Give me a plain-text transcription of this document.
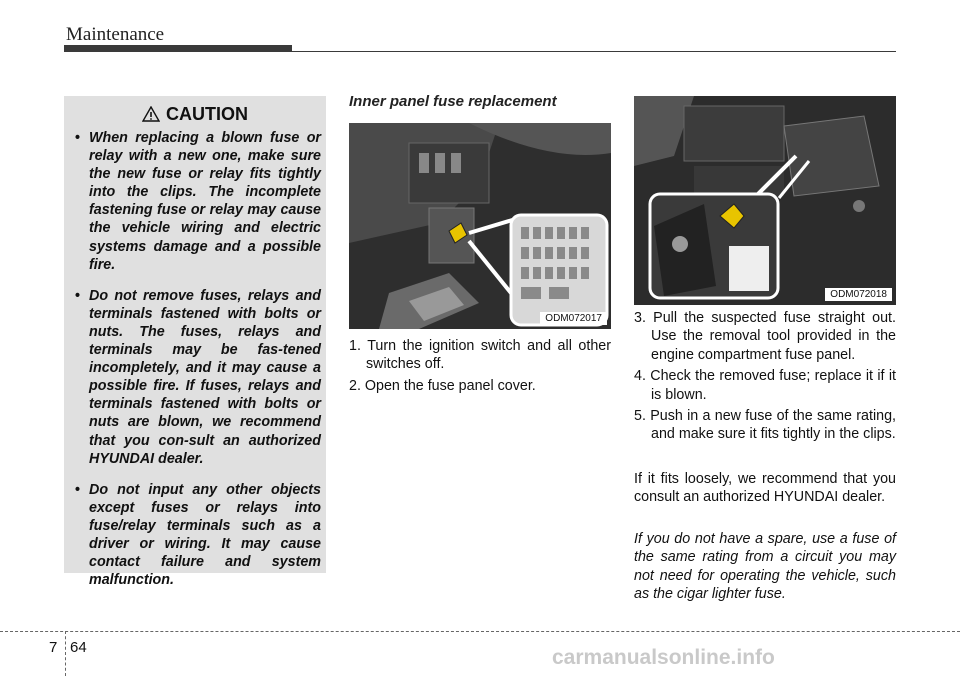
Maintenance
CAUTION
• When replacing a blown fuse or relay with a new one, make sure the new fuse or relay fits tightly into the clips. The incomplete fastening fuse or relay may cause the vehicle wiring and electric systems damage and a possible fire.
• Do not remove fuses, relays and terminals fastened with bolts or nuts. The fuses, relays and terminals may be fas-tened incompletely, and it may cause a possible fire. If fuses, relays and terminals fastened with bolts or nuts are blown, we recommend that you con-sult an authorized HYUNDAI dealer.
• Do not input any other objects except fuses or relays into fuse/relay terminals such as a driver or wiring. It may cause contact failure and system malfunction.
Inner panel fuse replacement
ODM072017
ODM072018
1. Turn the ignition switch and all other switches off.
2. Open the fuse panel cover.
3. Pull the suspected fuse straight out. Use the removal tool provided in the engine compartment fuse panel.
4. Check the removed fuse; replace it if it is blown.
5. Push in a new fuse of the same rating, and make sure it fits tightly in the clips.

If it fits loosely, we recommend that you consult an authorized HYUNDAI dealer.

If you do not have a spare, use a fuse of the same rating from a circuit you may not need for operating the vehicle, such as the cigar lighter fuse.

7 64	carmanualsonline.info
